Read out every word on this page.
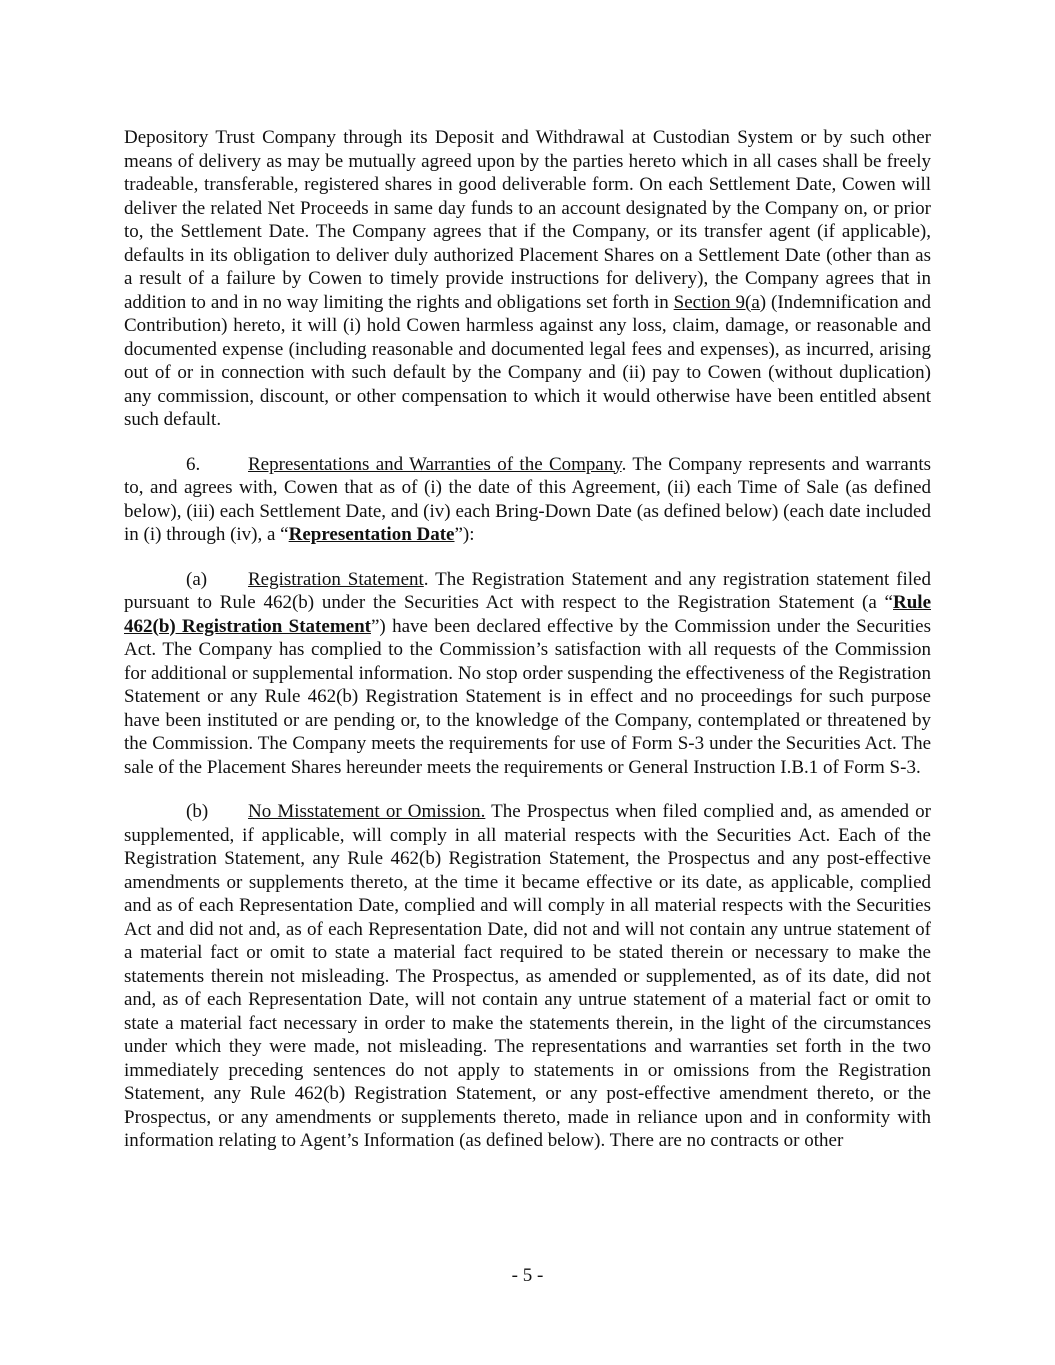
Depository Trust Company through its Deposit and Withdrawal at Custodian System or by such other means of delivery as may be mutually agreed upon by the parties hereto which in all cases shall be freely tradeable, transferable, registered shares in good deliverable form. On each Settlement Date, Cowen will deliver the related Net Proceeds in same day funds to an account designated by the Company on, or prior to, the Settlement Date. The Company agrees that if the Company, or its transfer agent (if applicable), defaults in its obligation to deliver duly authorized Placement Shares on a Settlement Date (other than as a result of a failure by Cowen to timely provide instructions for delivery), the Company agrees that in addition to and in no way limiting the rights and obligations set forth in Section 9(a) (Indemnification and Contribution) hereto, it will (i) hold Cowen harmless against any loss, claim, damage, or reasonable and documented expense (including reasonable and documented legal fees and expenses), as incurred, arising out of or in connection with such default by the Company and (ii) pay to Cowen (without duplication) any commission, discount, or other compensation to which it would otherwise have been entitled absent such default.

6.	Representations and Warranties of the Company. The Company represents and warrants to, and agrees with, Cowen that as of (i) the date of this Agreement, (ii) each Time of Sale (as defined below), (iii) each Settlement Date, and (iv) each Bring-Down Date (as defined below) (each date included in (i) through (iv), a “Representation Date”):

(a) Registration Statement. The Registration Statement and any registration statement filed pursuant to Rule 462(b) under the Securities Act with respect to the Registration Statement (a “Rule 462(b) Registration Statement”) have been declared effective by the Commission under the Securities Act. The Company has complied to the Commission’s satisfaction with all requests of the Commission for additional or supplemental information. No stop order suspending the effectiveness of the Registration Statement or any Rule 462(b) Registration Statement is in effect and no proceedings for such purpose have been instituted or are pending or, to the knowledge of the Company, contemplated or threatened by the Commission. The Company meets the requirements for use of Form S-3 under the Securities Act. The sale of the Placement Shares hereunder meets the requirements or General Instruction I.B.1 of Form S-3.

(b) No Misstatement or Omission. The Prospectus when filed complied and, as amended or supplemented, if applicable, will comply in all material respects with the Securities Act. Each of the Registration Statement, any Rule 462(b) Registration Statement, the Prospectus and any post-effective amendments or supplements thereto, at the time it became effective or its date, as applicable, complied and as of each Representation Date, complied and will comply in all material respects with the Securities Act and did not and, as of each Representation Date, did not and will not contain any untrue statement of a material fact or omit to state a material fact required to be stated therein or necessary to make the statements therein not misleading. The Prospectus, as amended or supplemented, as of its date, did not and, as of each Representation Date, will not contain any untrue statement of a material fact or omit to state a material fact necessary in order to make the statements therein, in the light of the circumstances under which they were made, not misleading. The representations and warranties set forth in the two immediately preceding sentences do not apply to statements in or omissions from the Registration Statement, any Rule 462(b) Registration Statement, or any post-effective amendment thereto, or the Prospectus, or any amendments or supplements thereto, made in reliance upon and in conformity with information relating to Agent’s Information (as defined below). There are no contracts or other

- 5 -
